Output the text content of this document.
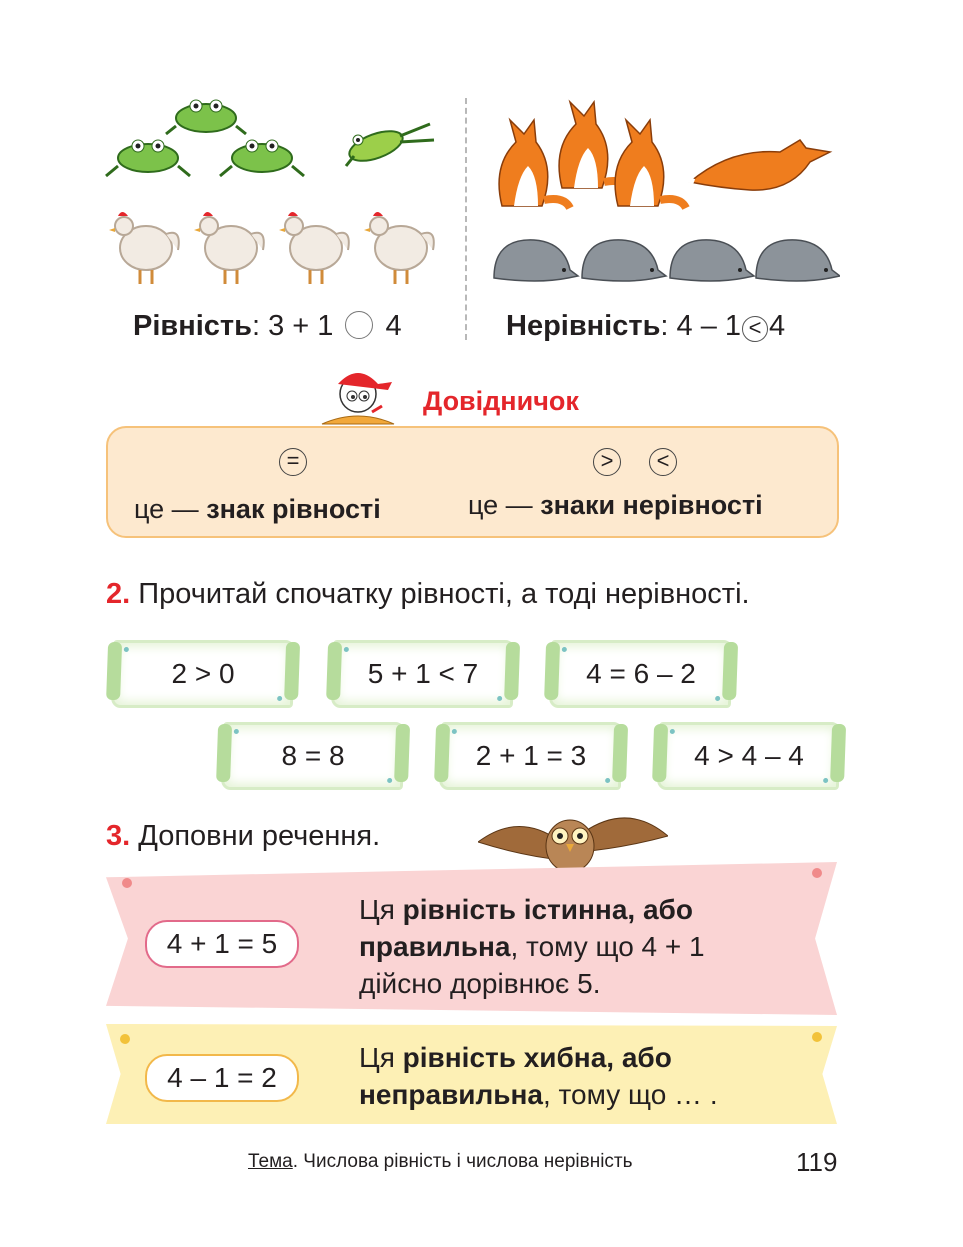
Рівність: 3 + 1 4	Нерівність: 4 – 1 < 4
Довідничок
=	>	<
це — знак рівності	це — знаки нерівності
2. Прочитай спочатку рівності, а тоді нерівності.
2 > 0	5 + 1 < 7	4 = 6 – 2
8 = 8	2 + 1 = 3	4 > 4 – 4
3. Доповни речення.
4 + 1 = 5
Ця рівність істинна, або
правильна, тому що 4 + 1
дійсно дорівнює 5.
4 – 1 = 2
Ця рівність хибна, або
неправильна, тому що … .
Тема. Числова рівність і числова нерівність	119
